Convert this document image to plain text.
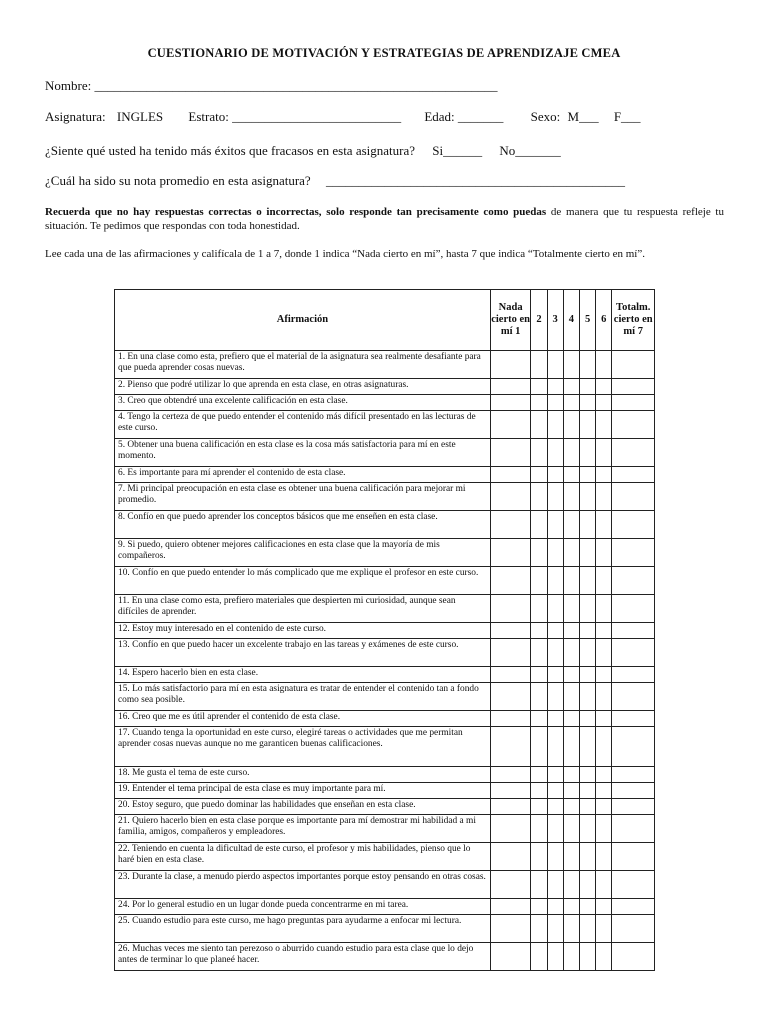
CUESTIONARIO DE MOTIVACIÓN Y ESTRATEGIAS DE APRENDIZAJE CMEA
Nombre: ______________________________________________________________
Asignatura: INGLES Estrato: __________________________ Edad: _______ Sexo: M___ F___
¿Siente qué usted ha tenido más éxitos que fracasos en esta asignatura? Si______ No_______
¿Cuál ha sido su nota promedio en esta asignatura? ______________________________________________
Recuerda que no hay respuestas correctas o incorrectas, solo responde tan precisamente como puedas de manera que tu respuesta refleje tu situación. Te pedimos que respondas con toda honestidad.
Lee cada una de las afirmaciones y califícala de 1 a 7, donde 1 indica “Nada cierto en mí”, hasta 7 que indica “Totalmente cierto en mí”.
Afirmación	Nada cierto en mí 1	2	3	4	5	6	Totalm. cierto en mí 7
1. En una clase como esta, prefiero que el material de la asignatura sea realmente desafiante para que pueda aprender cosas nuevas.							
2. Pienso que podré utilizar lo que aprenda en esta clase, en otras asignaturas.							
3. Creo que obtendré una excelente calificación en esta clase.							
4. Tengo la certeza de que puedo entender el contenido más difícil presentado en las lecturas de este curso.							
5. Obtener una buena calificación en esta clase es la cosa más satisfactoria para mí en este momento.							
6. Es importante para mí aprender el contenido de esta clase.							
7. Mi principal preocupación en esta clase es obtener una buena calificación para mejorar mi promedio.							
8. Confío en que puedo aprender los conceptos básicos que me enseñen en esta clase.							
9. Si puedo, quiero obtener mejores calificaciones en esta clase que la mayoría de mis compañeros.							
10. Confío en que puedo entender lo más complicado que me explique el profesor en este curso.							
11. En una clase como esta, prefiero materiales que despierten mi curiosidad, aunque sean difíciles de aprender.							
12. Estoy muy interesado en el contenido de este curso.							
13. Confío en que puedo hacer un excelente trabajo en las tareas y exámenes de este curso.							
14. Espero hacerlo bien en esta clase.							
15. Lo más satisfactorio para mí en esta asignatura es tratar de entender el contenido tan a fondo como sea posible.							
16. Creo que me es útil aprender el contenido de esta clase.							
17. Cuando tenga la oportunidad en este curso, elegiré tareas o actividades que me permitan aprender cosas nuevas aunque no me garanticen buenas calificaciones.							
18. Me gusta el tema de este curso.							
19. Entender el tema principal de esta clase es muy importante para mí.							
20. Estoy seguro, que puedo dominar las habilidades que enseñan en esta clase.							
21. Quiero hacerlo bien en esta clase porque es importante para mí demostrar mi habilidad a mi familia, amigos, compañeros y empleadores.							
22. Teniendo en cuenta la dificultad de este curso, el profesor y mis habilidades, pienso que lo haré bien en esta clase.							
23. Durante la clase, a menudo pierdo aspectos importantes porque estoy pensando en otras cosas.							
24. Por lo general estudio en un lugar donde pueda concentrarme en mi tarea.							
25. Cuando estudio para este curso, me hago preguntas para ayudarme a enfocar mi lectura.							
26. Muchas veces me siento tan perezoso o aburrido cuando estudio para esta clase que lo dejo antes de terminar lo que planeé hacer.							
